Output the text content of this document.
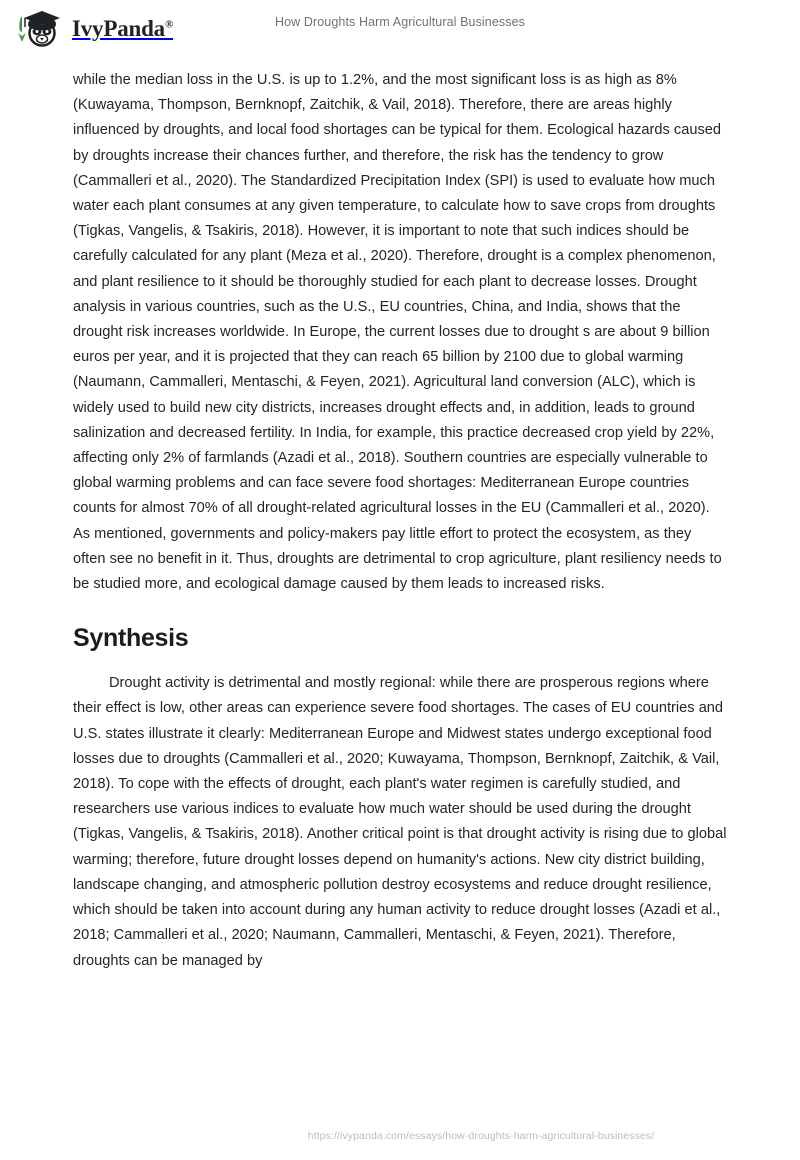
IvyPanda®	How Droughts Harm Agricultural Businesses

while the median loss in the U.S. is up to 1.2%, and the most significant loss is as high as 8% (Kuwayama, Thompson, Bernknopf, Zaitchik, & Vail, 2018). Therefore, there are areas highly influenced by droughts, and local food shortages can be typical for them. Ecological hazards caused by droughts increase their chances further, and therefore, the risk has the tendency to grow (Cammalleri et al., 2020). The Standardized Precipitation Index (SPI) is used to evaluate how much water each plant consumes at any given temperature, to calculate how to save crops from droughts (Tigkas, Vangelis, & Tsakiris, 2018). However, it is important to note that such indices should be carefully calculated for any plant (Meza et al., 2020). Therefore, drought is a complex phenomenon, and plant resilience to it should be thoroughly studied for each plant to decrease losses. Drought analysis in various countries, such as the U.S., EU countries, China, and India, shows that the drought risk increases worldwide. In Europe, the current losses due to drought s are about 9 billion euros per year, and it is projected that they can reach 65 billion by 2100 due to global warming (Naumann, Cammalleri, Mentaschi, & Feyen, 2021). Agricultural land conversion (ALC), which is widely used to build new city districts, increases drought effects and, in addition, leads to ground salinization and decreased fertility. In India, for example, this practice decreased crop yield by 22%, affecting only 2% of farmlands (Azadi et al., 2018). Southern countries are especially vulnerable to global warming problems and can face severe food shortages: Mediterranean Europe countries counts for almost 70% of all drought-related agricultural losses in the EU (Cammalleri et al., 2020). As mentioned, governments and policy-makers pay little effort to protect the ecosystem, as they often see no benefit in it. Thus, droughts are detrimental to crop agriculture, plant resiliency needs to be studied more, and ecological damage caused by them leads to increased risks.

Synthesis

Drought activity is detrimental and mostly regional: while there are prosperous regions where their effect is low, other areas can experience severe food shortages. The cases of EU countries and U.S. states illustrate it clearly: Mediterranean Europe and Midwest states undergo exceptional food losses due to droughts (Cammalleri et al., 2020; Kuwayama, Thompson, Bernknopf, Zaitchik, & Vail, 2018). To cope with the effects of drought, each plant's water regimen is carefully studied, and researchers use various indices to evaluate how much water should be used during the drought (Tigkas, Vangelis, & Tsakiris, 2018). Another critical point is that drought activity is rising due to global warming; therefore, future drought losses depend on humanity's actions. New city district building, landscape changing, and atmospheric pollution destroy ecosystems and reduce drought resilience, which should be taken into account during any human activity to reduce drought losses (Azadi et al., 2018; Cammalleri et al., 2020; Naumann, Cammalleri, Mentaschi, & Feyen, 2021). Therefore, droughts can be managed by

https://ivypanda.com/essays/how-droughts-harm-agricultural-businesses/
